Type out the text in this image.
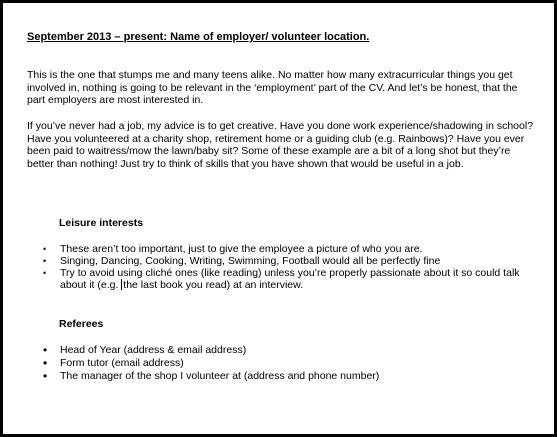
September 2013 – present: Name of employer/ volunteer location.
This is the one that stumps me and many teens alike. No matter how many extracurricular things you get involved in, nothing is going to be relevant in the ‘employment’ part of the CV. And let’s be honest, that the part employers are most interested in.
If you’ve never had a job, my advice is to get creative. Have you done work experience/shadowing in school? Have you volunteered at a charity shop, retirement home or a guiding club (e.g. Rainbows)? Have you ever been paid to waitress/mow the lawn/baby sit? Some of these example are a bit of a long shot but they’re better than nothing! Just try to think of skills that you have shown that would be useful in a job.
Leisure interests
• These aren’t too important, just to give the employee a picture of who you are.
• Singing, Dancing, Cooking, Writing, Swimming, Football would all be perfectly fine
• Try to avoid using cliché ones (like reading) unless you’re properly passionate about it so could talk about it (e.g. the last book you read) at an interview.
Referees
• Head of Year (address & email address)
• Form tutor (email address)
• The manager of the shop I volunteer at (address and phone number)
